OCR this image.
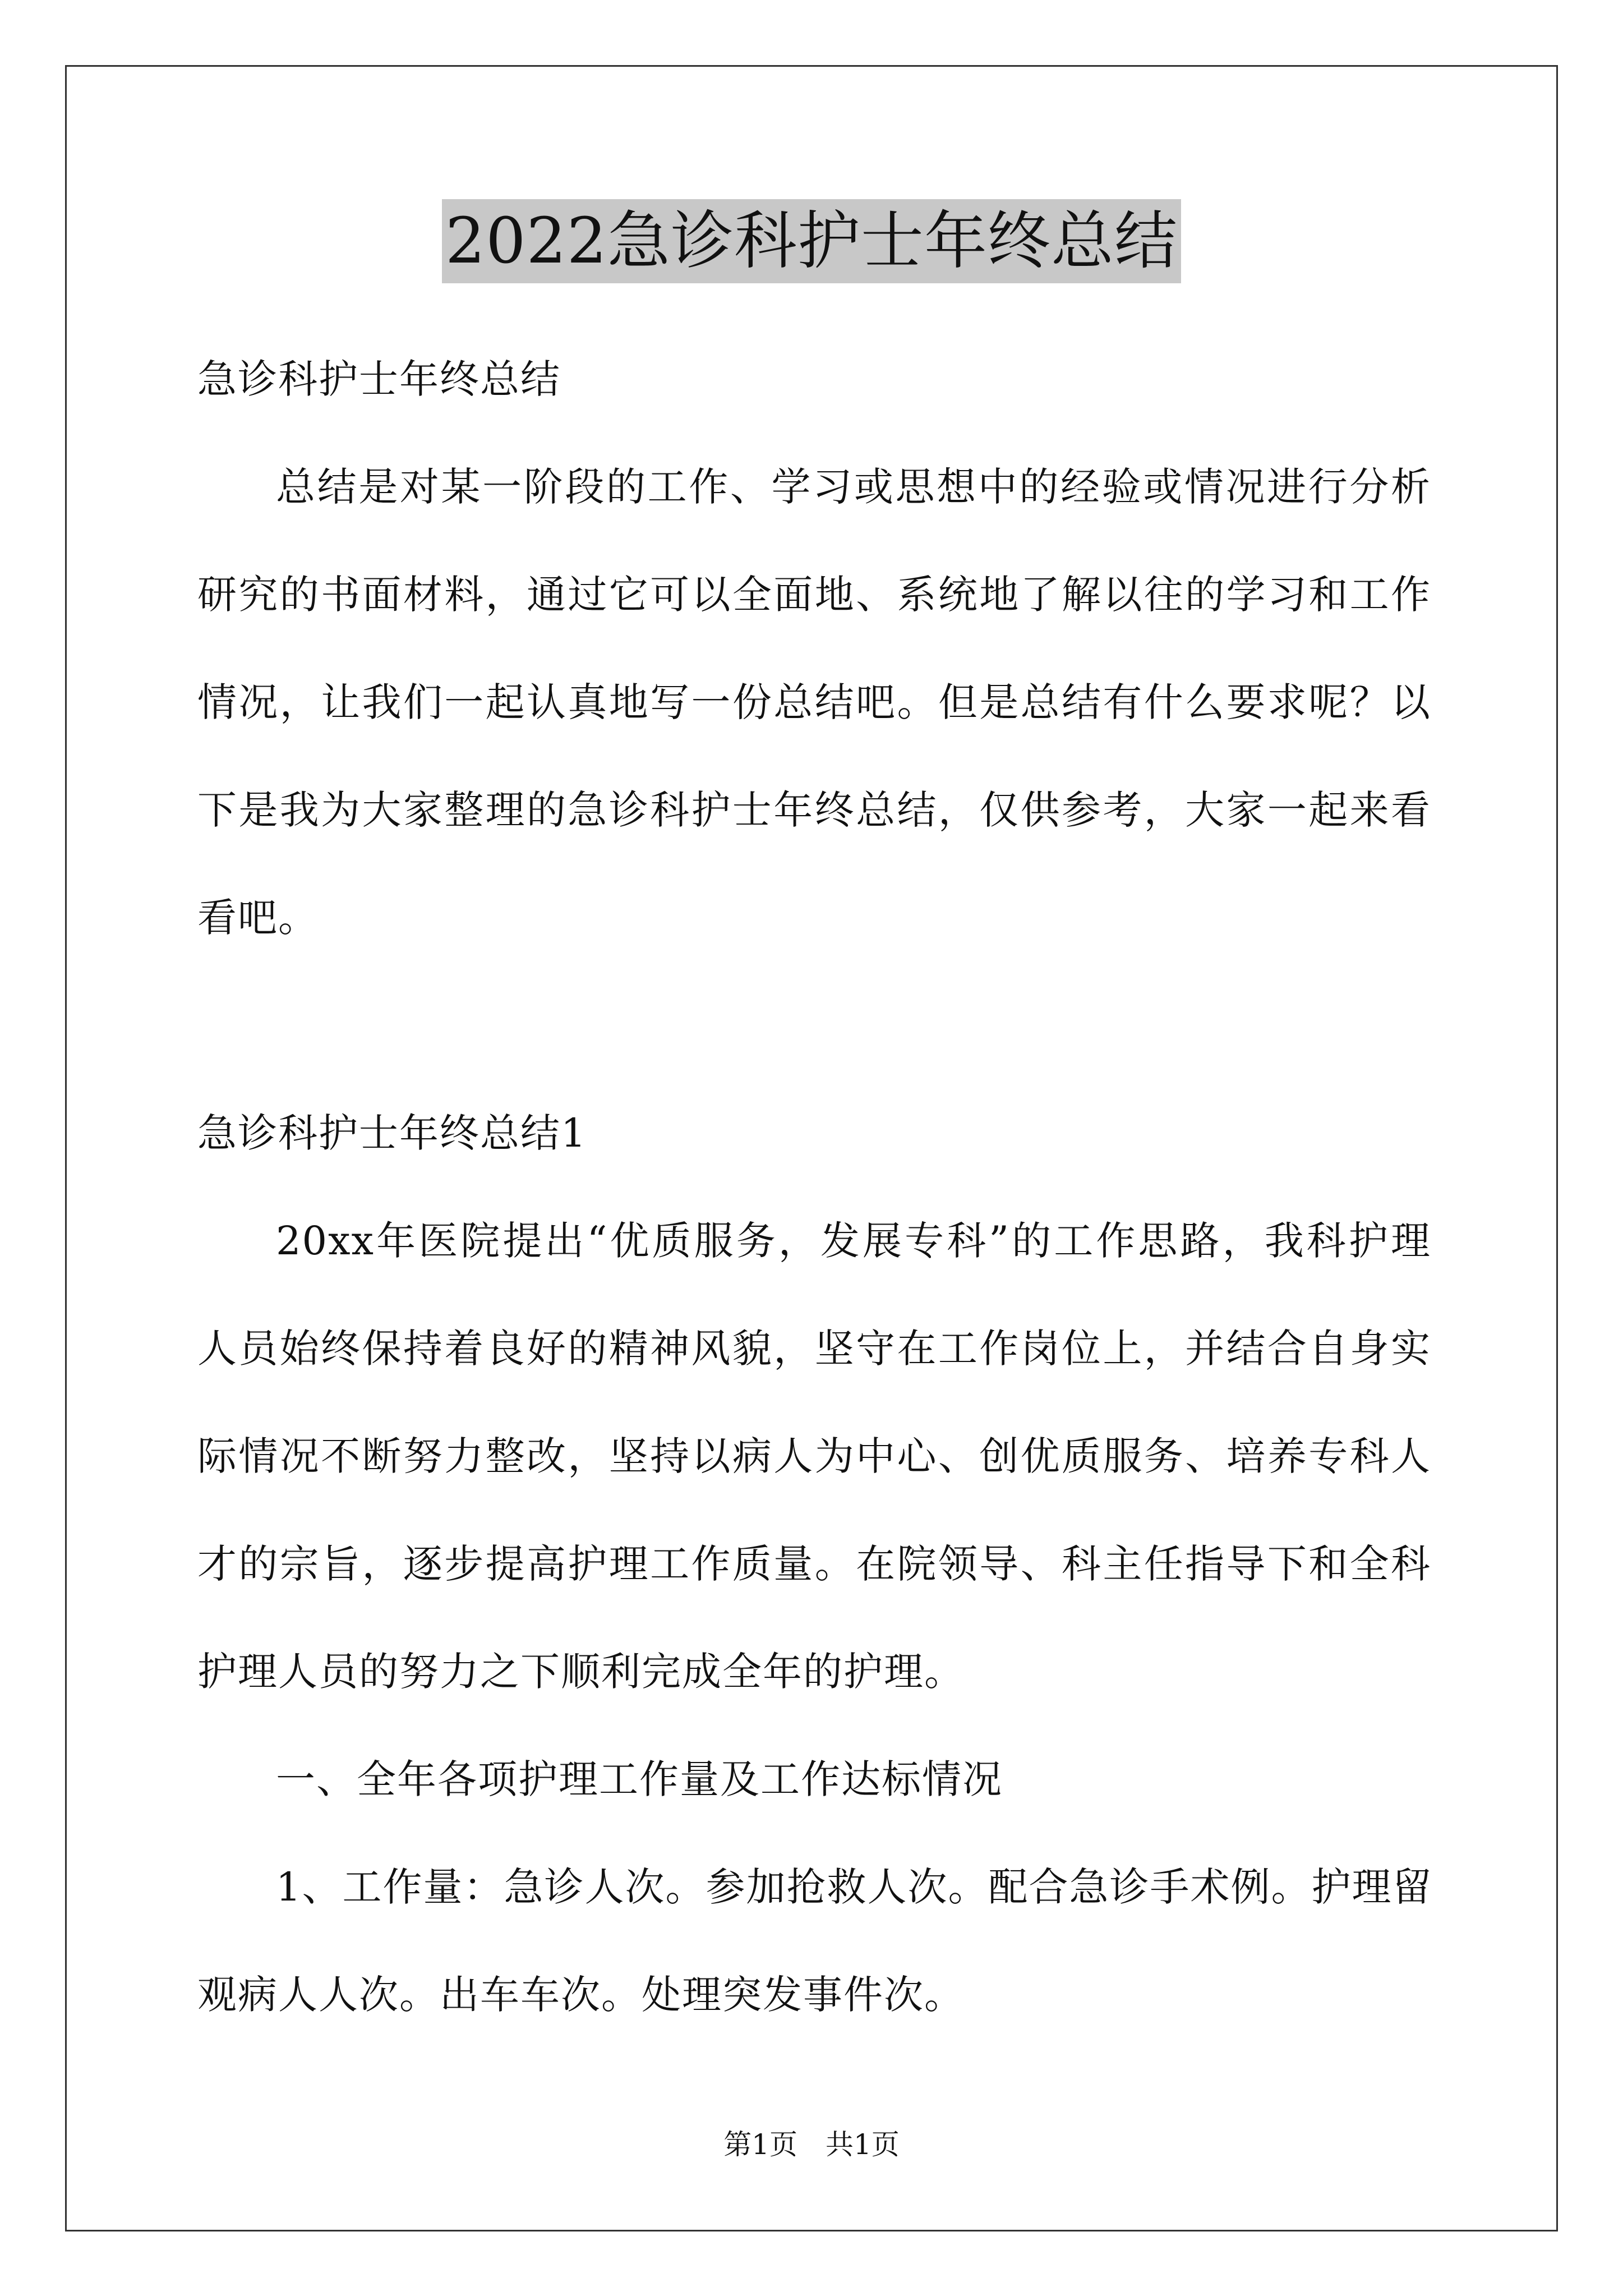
2022急诊科护士年终总结
急诊科护士年终总结
总结是对某一阶段的工作、学习或思想中的经验或情况进行分析
研究的书面材料，通过它可以全面地、系统地了解以往的学习和工作
情况，让我们一起认真地写一份总结吧。但是总结有什么要求呢？以
下是我为大家整理的急诊科护士年终总结，仅供参考，大家一起来看
看吧。
急诊科护士年终总结1
20xx年医院提出“优质服务，发展专科”的工作思路，我科护理
人员始终保持着良好的精神风貌，坚守在工作岗位上，并结合自身实
际情况不断努力整改，坚持以病人为中心、创优质服务、培养专科人
才的宗旨，逐步提高护理工作质量。在院领导、科主任指导下和全科
护理人员的努力之下顺利完成全年的护理。
一、全年各项护理工作量及工作达标情况
1、工作量：急诊人次。参加抢救人次。配合急诊手术例。护理留
观病人人次。出车车次。处理突发事件次。
第1页　共1页
